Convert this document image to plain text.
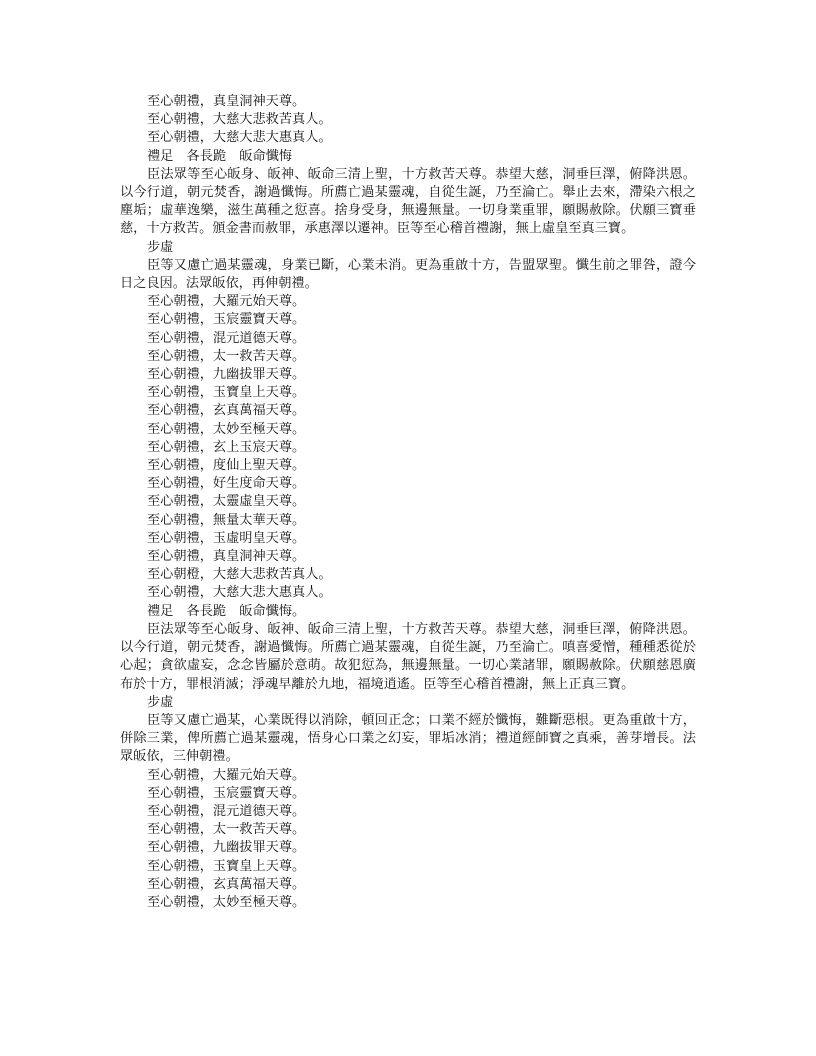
至心朝禮，真皇洞神天尊。

至心朝禮，大慈大悲救苦真人。

至心朝禮，大慈大悲大惠真人。

禮足　各長跪　皈命懺悔

臣法眾等至心皈身、皈神、皈命三清上聖，十方救苦天尊。恭望大慈，洞垂巨澤，俯降洪恩。以今行道，朝元焚香，謝過懺悔。所薦亡過某靈魂，自從生誕，乃至淪亡。舉止去來，滯染六根之塵垢；虛華逸樂，滋生萬種之愆喜。捨身受身，無邊無量。一切身業重罪，願賜赦除。伏願三寶垂慈，十方救苦。頒金書而赦罪，承惠澤以遷神。臣等至心稽首禮謝，無上虛皇至真三寶。

步虛

臣等又慮亡過某靈魂，身業已斷，心業未消。更為重啟十方，告盟眾聖。懺生前之罪咎，證今日之良因。法眾皈依，再伸朝禮。

至心朝禮，大羅元始天尊。

至心朝禮，玉宸靈寶天尊。

至心朝禮，混元道德天尊。

至心朝禮，太一救苦天尊。

至心朝禮，九幽拔罪天尊。

至心朝禮，玉寶皇上天尊。

至心朝禮，玄真萬福天尊。

至心朝禮，太妙至極天尊。

至心朝禮，玄上玉宸天尊。

至心朝禮，度仙上聖天尊。

至心朝禮，好生度命天尊。

至心朝禮，太靈虛皇天尊。

至心朝禮，無量太華天尊。

至心朝禮，玉虛明皇天尊。

至心朝禮，真皇洞神天尊。

至心朝橙，大慈大悲救苦真人。

至心朝禮，大慈大悲大惠真人。

禮足　各長跪　皈命懺悔。

臣法眾等至心皈身、皈神、皈命三清上聖，十方救苦天尊。恭望大慈，洞垂巨澤，俯降洪恩。以今行道，朝元焚香，謝過懺悔。所薦亡過某靈魂，自從生誕，乃至淪亡。嗔喜愛憎，種種悉從於心起；貪欲虛妄，念念皆屬於意萌。故犯愆為，無邊無量。一切心業諸罪，願賜赦除。伏願慈恩廣布於十方，罪根消滅；淨魂早離於九地，福境逍遙。臣等至心稽首禮謝，無上正真三寶。

步虛

臣等又慮亡過某，心業既得以消除，頓回正念；口業不經於懺悔，難斷惡根。更為重啟十方，併除三業，俾所薦亡過某靈魂，悟身心口業之幻妄，罪垢冰消；禮道經師寶之真乘，善芽增長。法眾皈依，三伸朝禮。

至心朝禮，大羅元始天尊。

至心朝禮，玉宸靈寶天尊。

至心朝禮，混元道德天尊。

至心朝禮，太一救苦天尊。

至心朝禮，九幽拔罪天尊。

至心朝禮，玉寶皇上天尊。

至心朝禮，玄真萬福天尊。

至心朝禮，太妙至極天尊。
